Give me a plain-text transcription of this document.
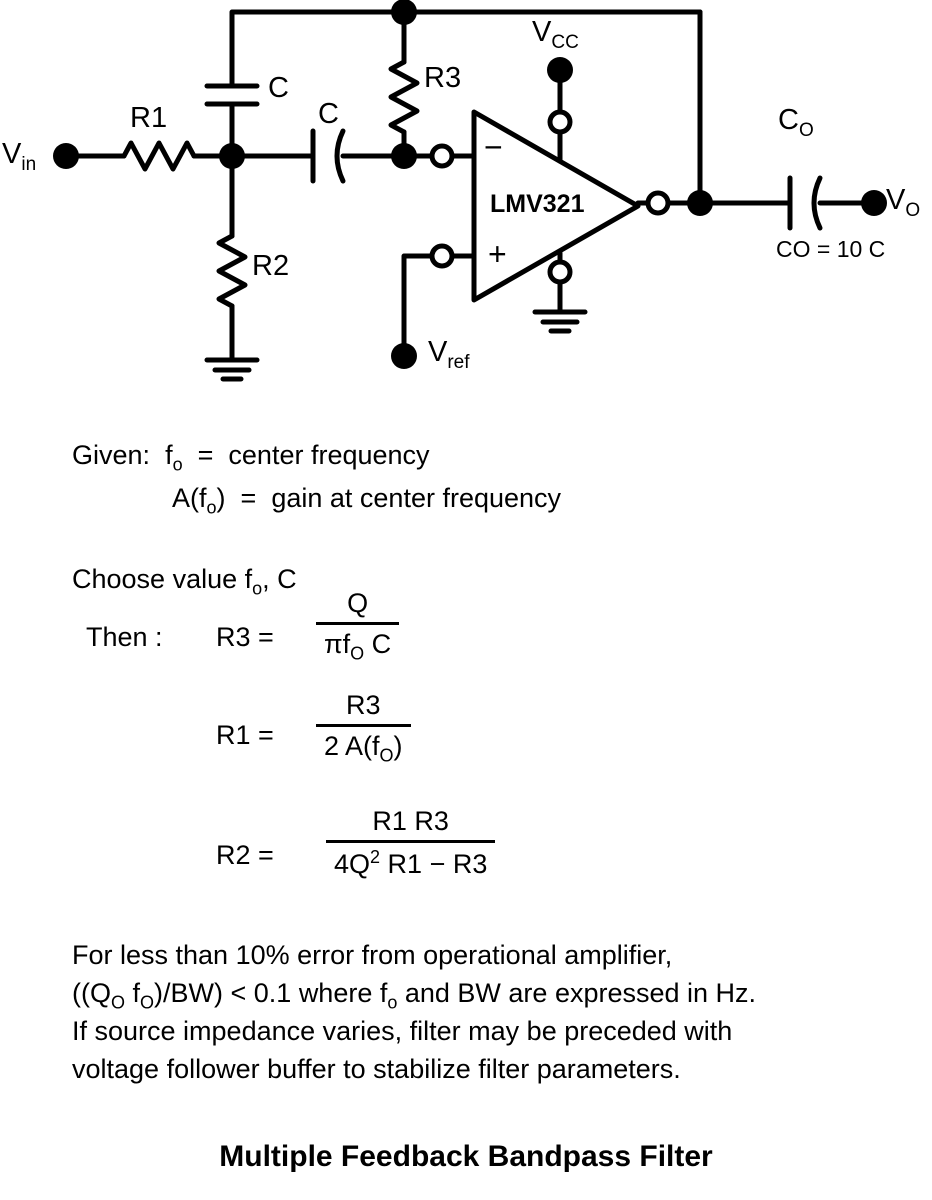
$V_{in}$
R1
R2
R3
C
C
LMV321
−
+
$V_{CC}$
$V_{ref}$
$C_O$
CO = 10 C
$V_O$
Given: $f_o$ = center frequency
$A(f_o)$ = gain at center frequency
Choose value $f_o$, C
Then : R3 =
Q
$\pi f_O$ C
R1 =
R3
2 $A(f_O)$
R2 =
R1 R3
$4Q^2$ R1 − R3
For less than 10% error from operational amplifier,
(($Q_O$ $f_O)/BW) < 0.1$ where $f_o$ and BW are expressed in Hz.
If source impedance varies, filter may be preceded with
voltage follower buffer to stabilize filter parameters.
Multiple Feedback Bandpass Filter
